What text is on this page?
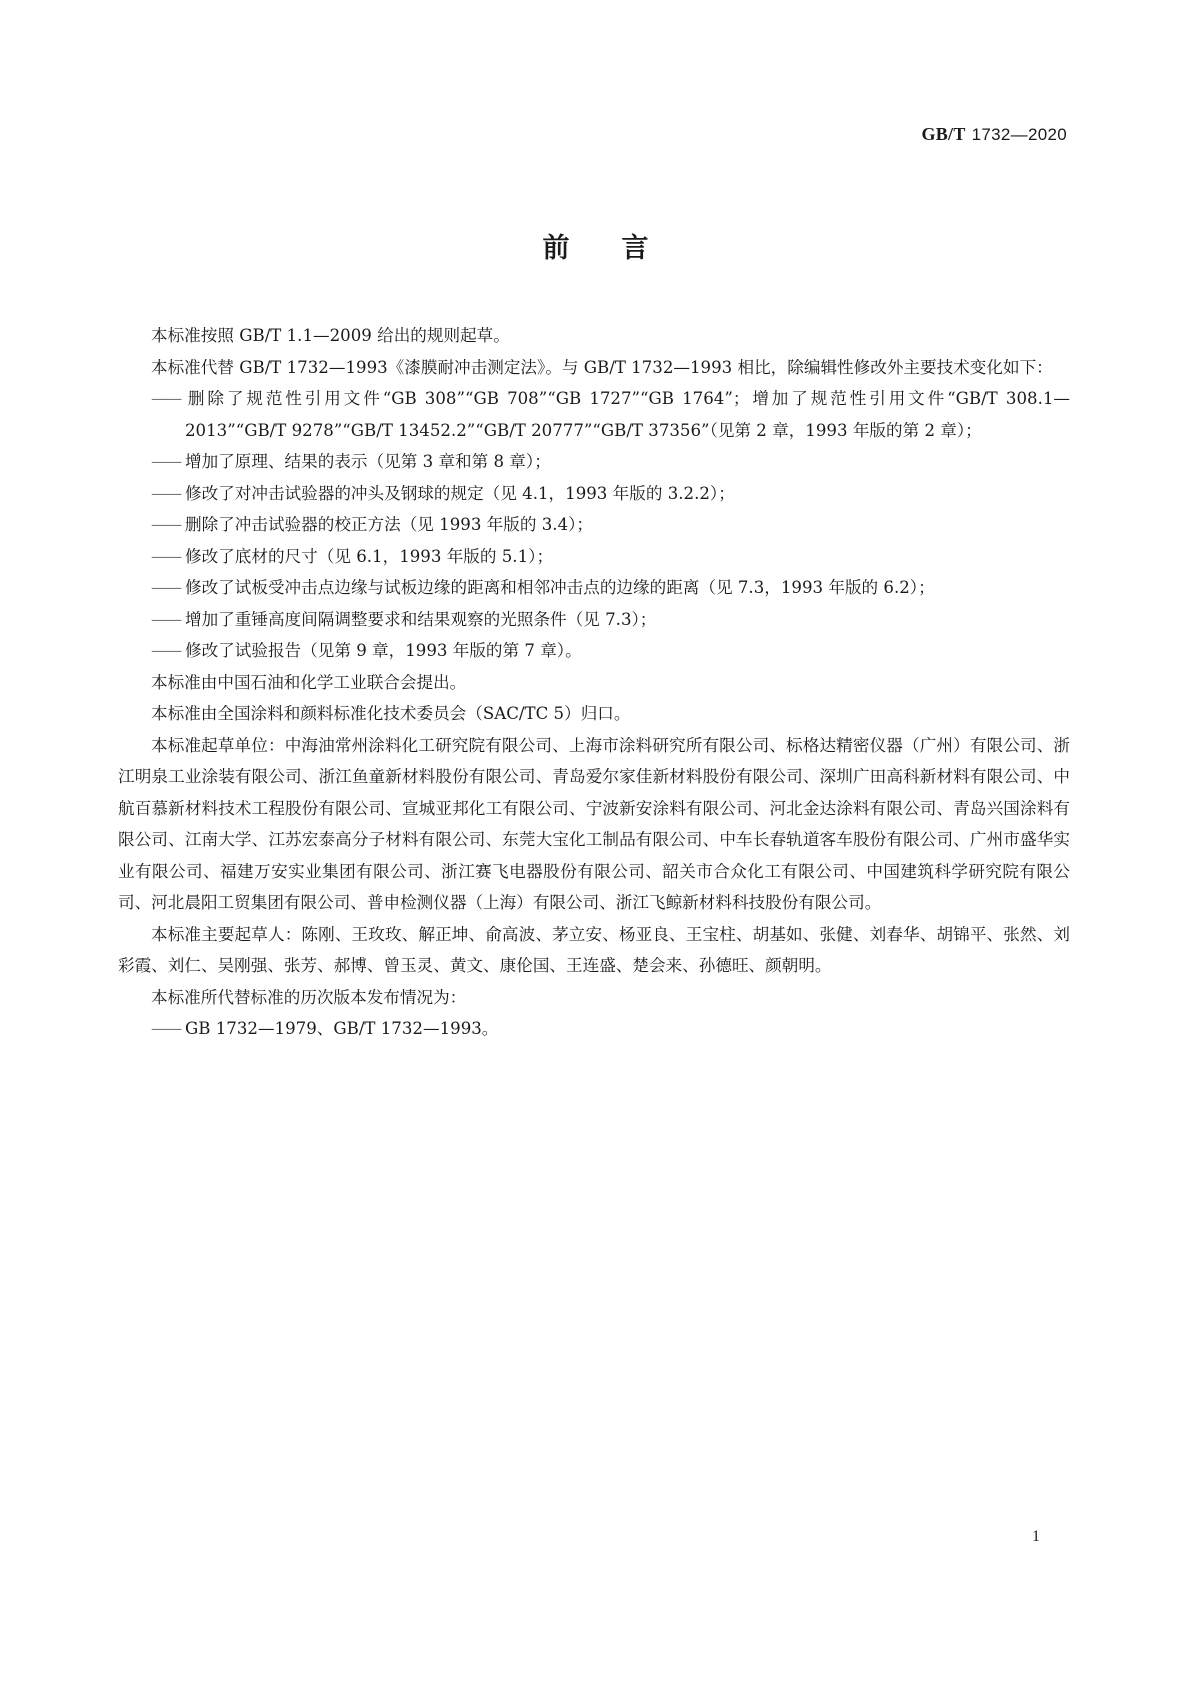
GB/T 1732—2020
前言

本标准按照 GB/T 1.1—2009 给出的规则起草。

本标准代替 GB/T 1732—1993《漆膜耐冲击测定法》。与 GB/T 1732—1993 相比，除编辑性修改外主要技术变化如下：

—— 删除了规范性引用文件“GB 308”“GB 708”“GB 1727”“GB 1764”；增加了规范性引用文件“GB/T 308.1—2013”“GB/T 9278”“GB/T 13452.2”“GB/T 20777”“GB/T 37356”（见第 2 章，1993 年版的第 2 章）；

—— 增加了原理、结果的表示（见第 3 章和第 8 章）；

—— 修改了对冲击试验器的冲头及钢球的规定（见 4.1，1993 年版的 3.2.2）；

—— 删除了冲击试验器的校正方法（见 1993 年版的 3.4）；

—— 修改了底材的尺寸（见 6.1，1993 年版的 5.1）；

—— 修改了试板受冲击点边缘与试板边缘的距离和相邻冲击点的边缘的距离（见 7.3，1993 年版的 6.2）；

—— 增加了重锤高度间隔调整要求和结果观察的光照条件（见 7.3）；

—— 修改了试验报告（见第 9 章，1993 年版的第 7 章）。

本标准由中国石油和化学工业联合会提出。

本标准由全国涂料和颜料标准化技术委员会（SAC/TC 5）归口。

本标准起草单位：中海油常州涂料化工研究院有限公司、上海市涂料研究所有限公司、标格达精密仪器（广州）有限公司、浙江明泉工业涂装有限公司、浙江鱼童新材料股份有限公司、青岛爱尔家佳新材料股份有限公司、深圳广田高科新材料有限公司、中航百慕新材料技术工程股份有限公司、宣城亚邦化工有限公司、宁波新安涂料有限公司、河北金达涂料有限公司、青岛兴国涂料有限公司、江南大学、江苏宏泰高分子材料有限公司、东莞大宝化工制品有限公司、中车长春轨道客车股份有限公司、广州市盛华实业有限公司、福建万安实业集团有限公司、浙江赛飞电器股份有限公司、韶关市合众化工有限公司、中国建筑科学研究院有限公司、河北晨阳工贸集团有限公司、普申检测仪器（上海）有限公司、浙江飞鲸新材料科技股份有限公司。

本标准主要起草人：陈刚、王玫玫、解正坤、俞高波、茅立安、杨亚良、王宝柱、胡基如、张健、刘春华、胡锦平、张然、刘彩霞、刘仁、吴刚强、张芳、郝博、曾玉灵、黄文、康伦国、王连盛、楚会来、孙德旺、颜朝明。

本标准所代替标准的历次版本发布情况为：

—— GB 1732—1979、GB/T 1732—1993。

1
